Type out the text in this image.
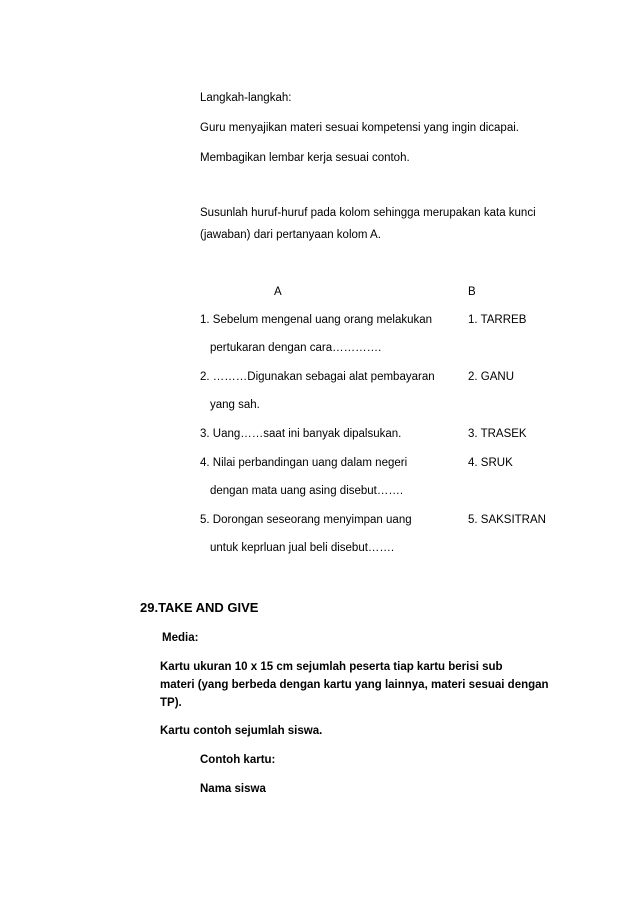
Langkah-langkah:
Guru menyajikan materi sesuai kompetensi yang ingin dicapai.
Membagikan lembar kerja sesuai contoh.
Susunlah huruf-huruf pada kolom sehingga merupakan kata kunci
(jawaban) dari pertanyaan kolom A.
A	B
1. Sebelum mengenal uang orang melakukan
pertukaran dengan cara………….
1. TARREB
2. ………Digunakan sebagai alat pembayaran
yang sah.
2. GANU
3. Uang……saat ini banyak dipalsukan.	3. TRASEK
4. Nilai perbandingan uang dalam negeri
dengan mata uang asing disebut…….
4. SRUK
5. Dorongan seseorang menyimpan uang
untuk keprluan jual beli disebut…….
5. SAKSITRAN
29.TAKE AND GIVE
Media:
Kartu ukuran 10 x 15 cm sejumlah peserta tiap kartu berisi sub
materi (yang berbeda dengan kartu yang lainnya, materi sesuai dengan
TP).
Kartu contoh sejumlah siswa.
Contoh kartu:
Nama siswa
